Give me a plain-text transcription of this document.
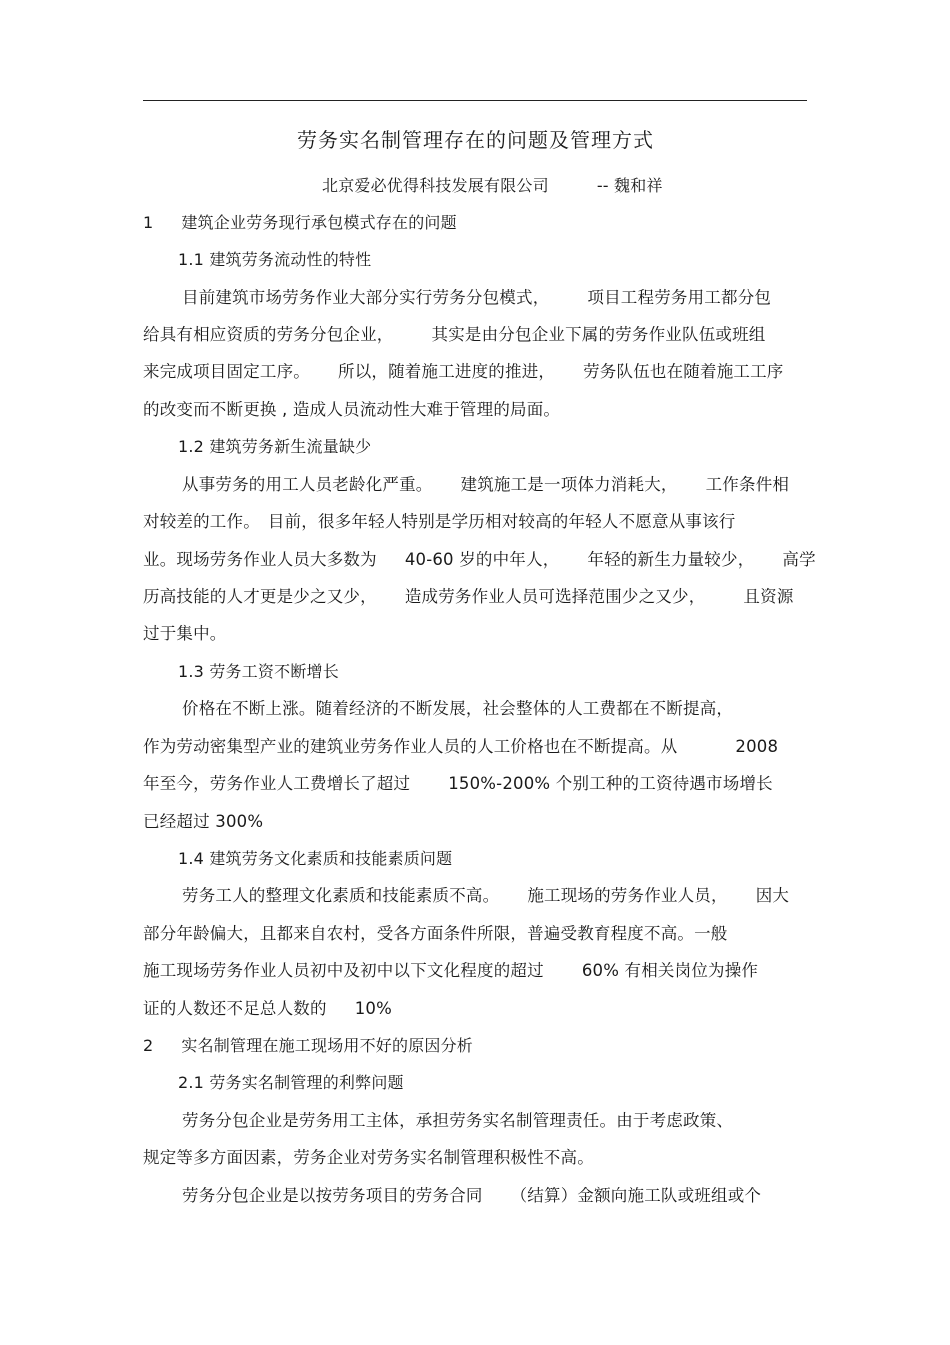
劳务实名制管理存在的问题及管理方式
北京爱必优得科技发展有限公司	-- 魏和祥
1 建筑企业劳务现行承包模式存在的问题
1.1 建筑劳务流动性的特性
目前建筑市场劳务作业大部分实行劳务分包模式， 项目工程劳务用工都分包
给具有相应资质的劳务分包企业， 其实是由分包企业下属的劳务作业队伍或班组
来完成项目固定工序。 所以，随着施工进度的推进， 劳务队伍也在随着施工工序
的改变而不断更换 , 造成人员流动性大难于管理的局面。
1.2 建筑劳务新生流量缺少
从事劳务的用工人员老龄化严重。 建筑施工是一项体力消耗大， 工作条件相
对较差的工作。 目前，很多年轻人特别是学历相对较高的年轻人不愿意从事该行
业。现场劳务作业人员大多数为 40-60 岁的中年人， 年轻的新生力量较少， 高学
历高技能的人才更是少之又少， 造成劳务作业人员可选择范围少之又少， 且资源
过于集中。
1.3 劳务工资不断增长
价格在不断上涨。随着经济的不断发展，社会整体的人工费都在不断提高，
作为劳动密集型产业的建筑业劳务作业人员的人工价格也在不断提高。从	2008
年至今，劳务作业人工费增长了超过 150%-200% 个别工种的工资待遇市场增长
已经超过 300%
1.4 建筑劳务文化素质和技能素质问题
劳务工人的整理文化素质和技能素质不高。 施工现场的劳务作业人员， 因大
部分年龄偏大，且都来自农村，受各方面条件所限，普遍受教育程度不高。一般
施工现场劳务作业人员初中及初中以下文化程度的超过 60% 有相关岗位为操作
证的人数还不足总人数的 10%
2 实名制管理在施工现场用不好的原因分析
2.1 劳务实名制管理的利弊问题
劳务分包企业是劳务用工主体，承担劳务实名制管理责任。由于考虑政策、
规定等多方面因素，劳务企业对劳务实名制管理积极性不高。
劳务分包企业是以按劳务项目的劳务合同 （结算）金额向施工队或班组或个
